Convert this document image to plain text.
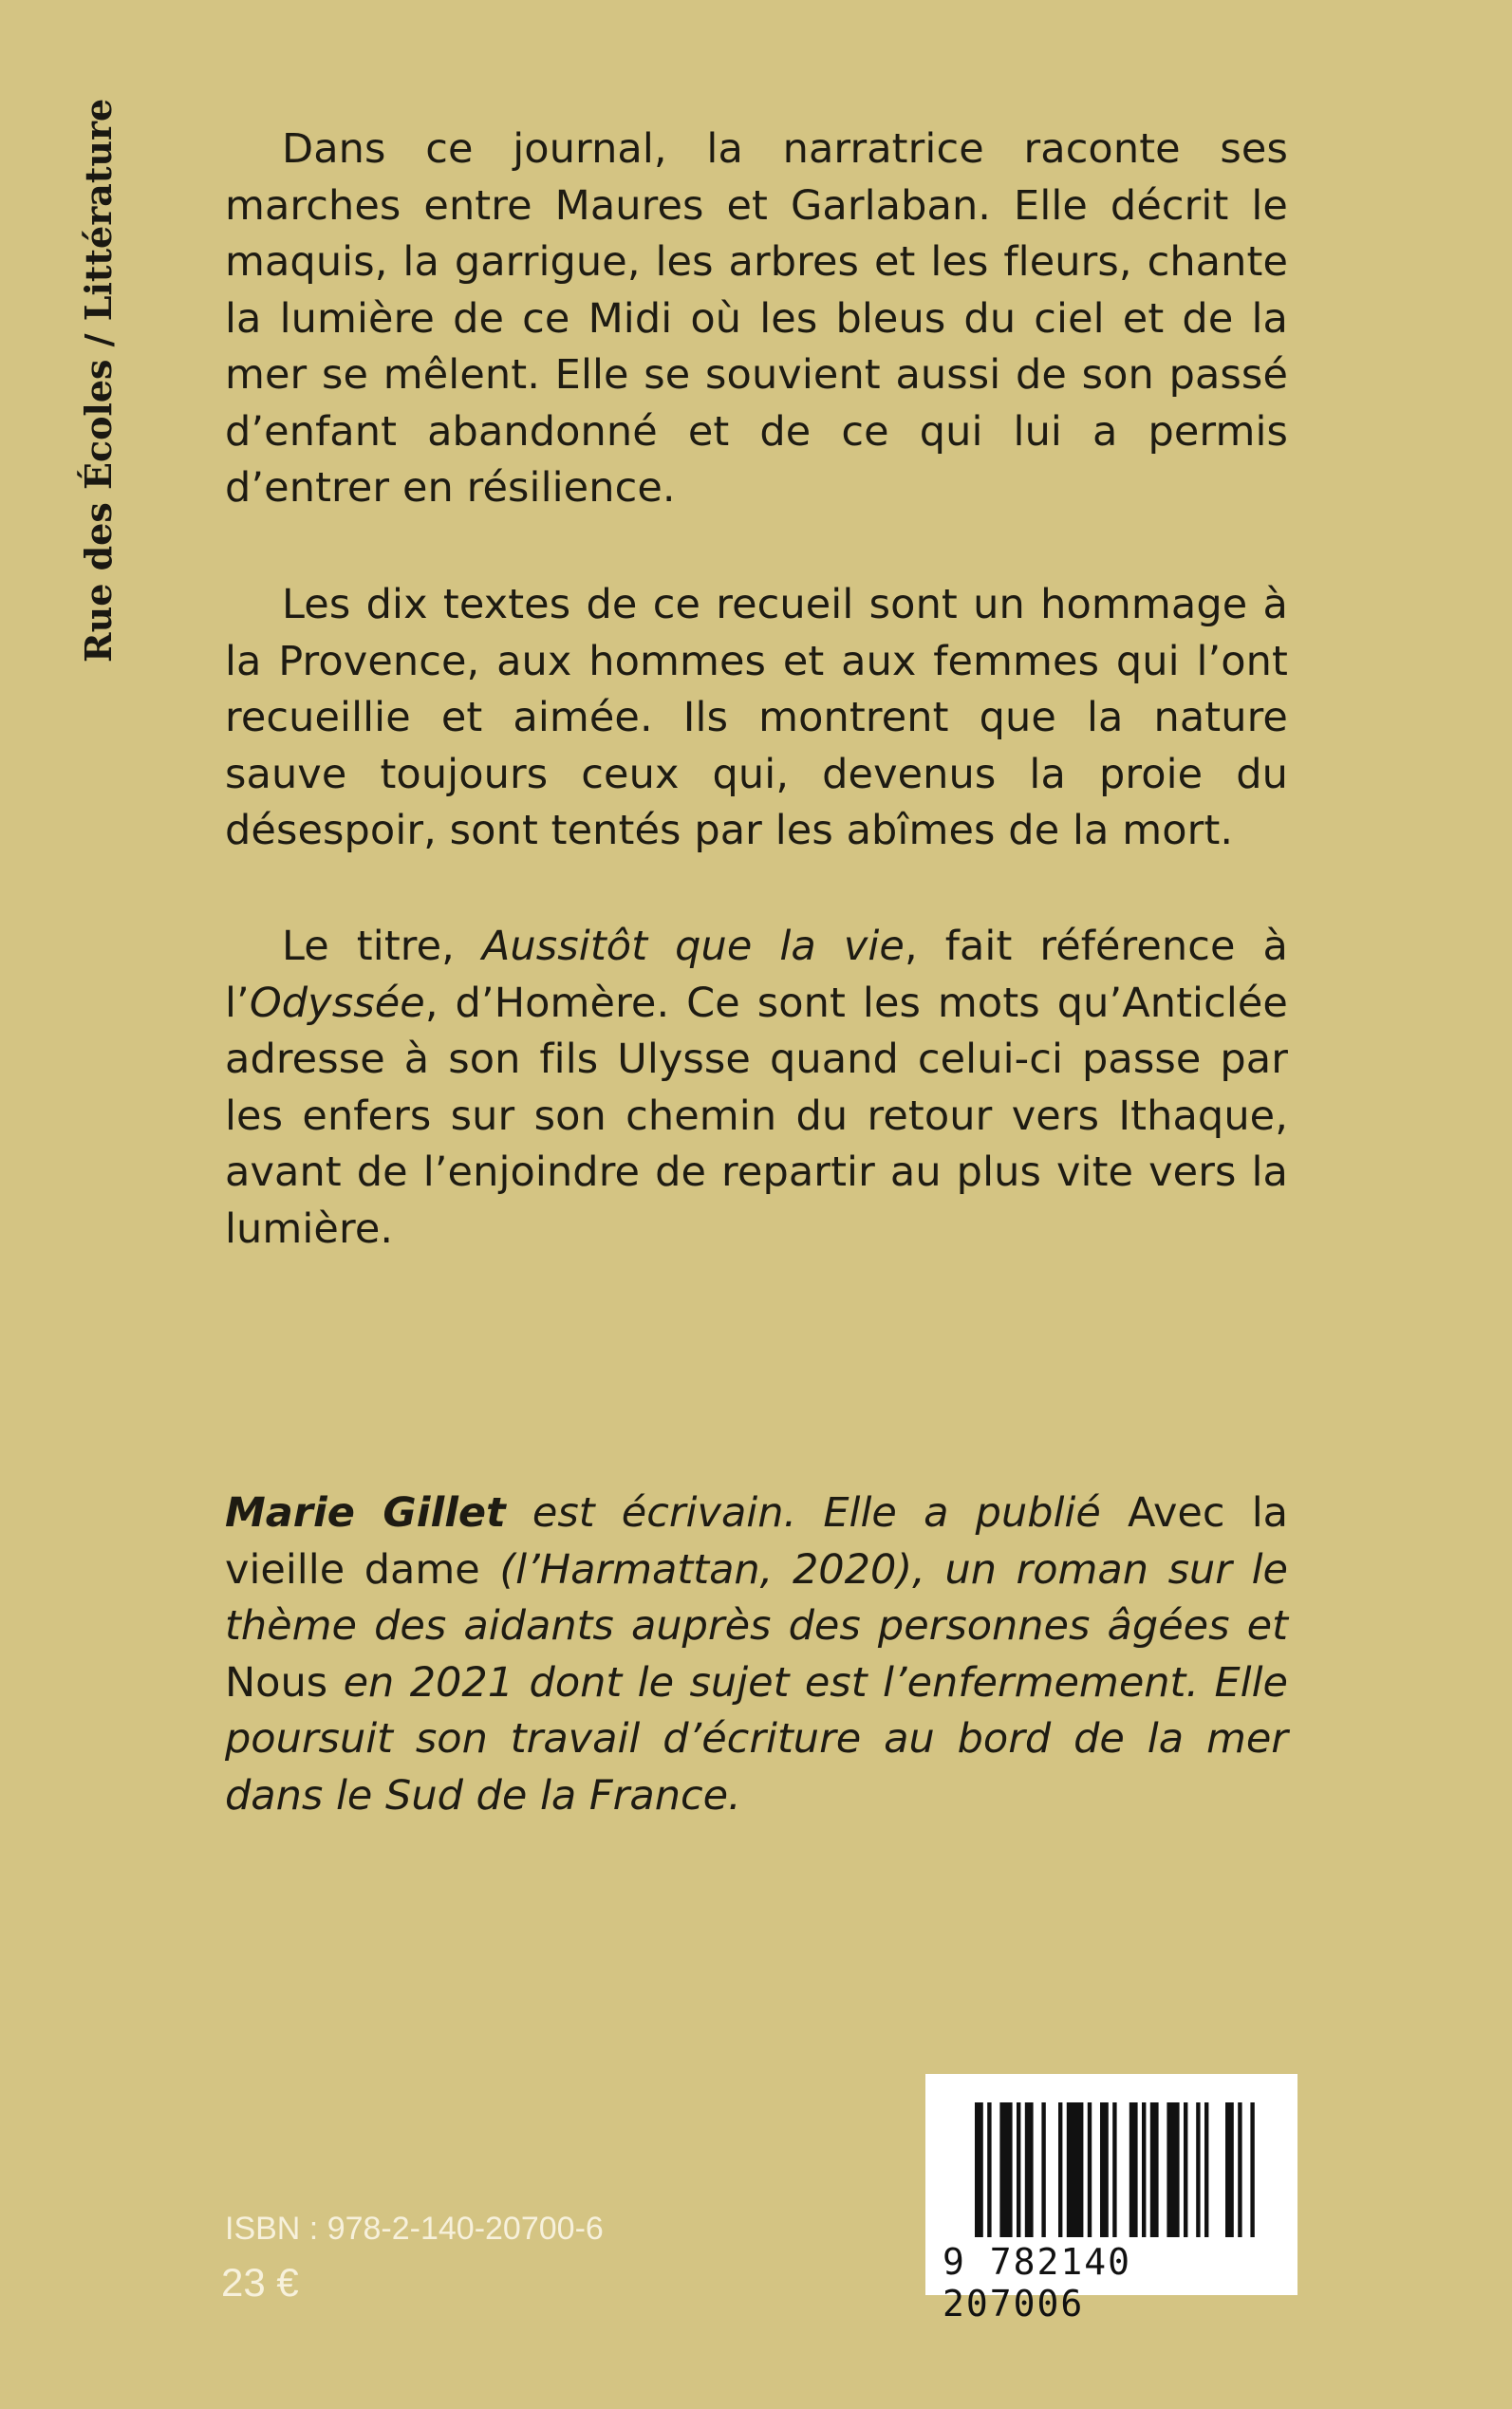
Rue des Écoles / Littérature	Dans ce journal, la narratrice raconte ses marches entre Maures et Garlaban. Elle décrit le maquis, la garrigue, les arbres et les fleurs, chante la lumière de ce Midi où les bleus du ciel et de la mer se mêlent. Elle se souvient aussi de son passé d’enfant abandonné et de ce qui lui a permis d’entrer en résilience.

Les dix textes de ce recueil sont un hommage à la Provence, aux hommes et aux femmes qui l’ont recueillie et aimée. Ils montrent que la nature sauve toujours ceux qui, devenus la proie du désespoir, sont tentés par les abîmes de la mort.

Le titre, Aussitôt que la vie, fait référence à l’Odyssée, d’Homère. Ce sont les mots qu’Anticlée adresse à son fils Ulysse quand celui-ci passe par les enfers sur son chemin du retour vers Ithaque, avant de l’enjoindre de repartir au plus vite vers la lumière.

Marie Gillet est écrivain. Elle a publié Avec la vieille dame (l’Harmattan, 2020), un roman sur le thème des aidants auprès des personnes âgées et Nous en 2021 dont le sujet est l’enfermement. Elle poursuit son travail d’écriture au bord de la mer dans le Sud de la France.

ISBN : 978-2-140-20700-6
23 €	9 782140 207006
